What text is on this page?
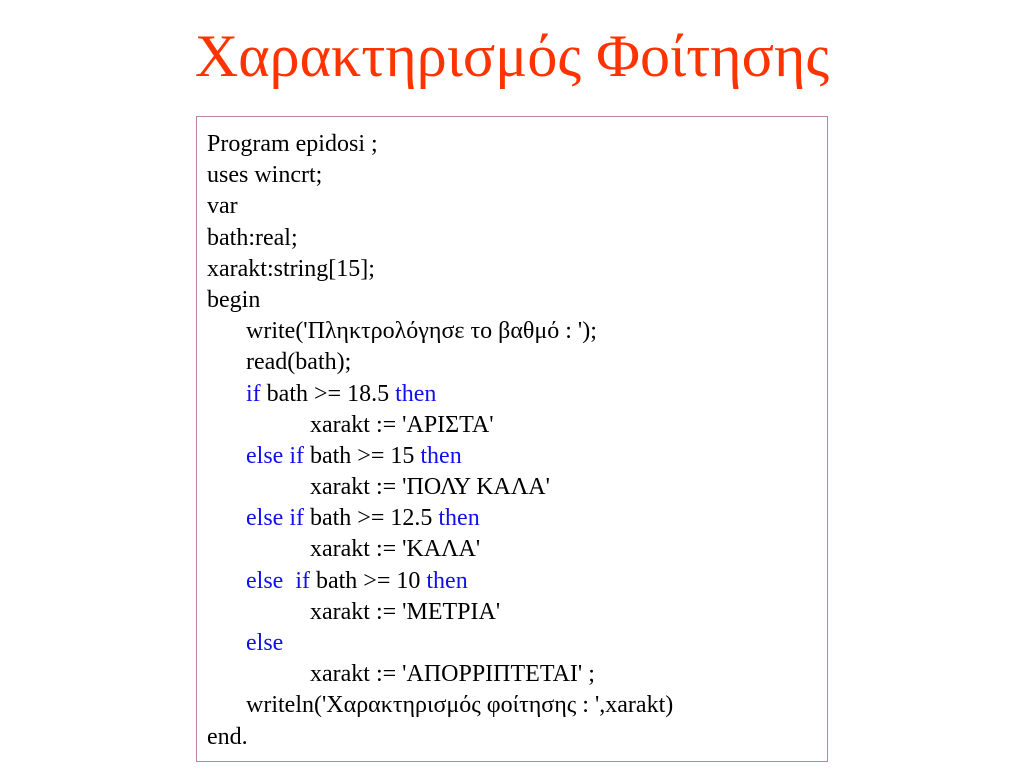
Χαρακτηρισμός Φοίτησης
Program epidosi ;
uses wincrt;
var
bath:real;
xarakt:string[15];
begin
write('Πληκτρολόγησε το βαθμό : ');
read(bath);
if bath >= 18.5 then
xarakt := 'ΑΡΙΣΤΑ'
else if bath >= 15 then
xarakt := 'ΠΟΛΥ ΚΑΛΑ'
else if bath >= 12.5 then
xarakt := 'ΚΑΛΑ'
else  if bath >= 10 then
xarakt := 'ΜΕΤΡΙΑ'
else
xarakt := 'ΑΠΟΡΡΙΠΤΕΤΑΙ' ;
writeln('Χαρακτηρισμός φοίτησης : ',xarakt)
end.
